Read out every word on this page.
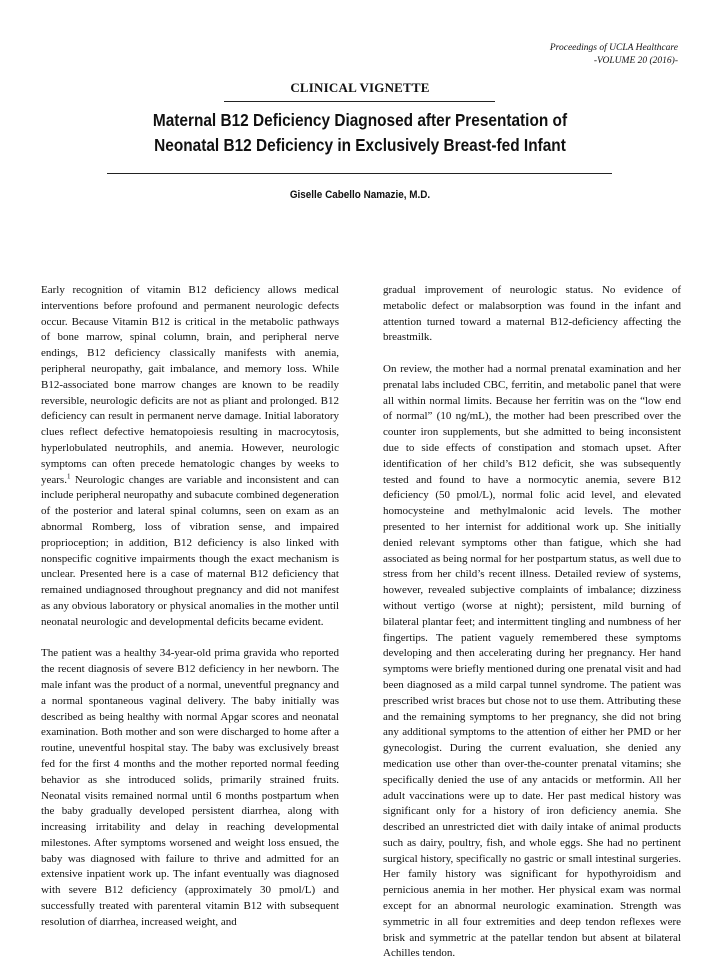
Proceedings of UCLA Healthcare
-VOLUME 20 (2016)-
CLINICAL VIGNETTE
Maternal B12 Deficiency Diagnosed after Presentation of
Neonatal B12 Deficiency in Exclusively Breast-fed Infant
Giselle Cabello Namazie, M.D.

Early recognition of vitamin B12 deficiency allows medical interventions before profound and permanent neurologic defects occur. Because Vitamin B12 is critical in the metabolic pathways of bone marrow, spinal column, brain, and peripheral nerve endings, B12 deficiency classically manifests with anemia, peripheral neuropathy, gait imbalance, and memory loss. While B12-associated bone marrow changes are known to be readily reversible, neurologic deficits are not as pliant and prolonged. B12 deficiency can result in permanent nerve damage. Initial laboratory clues reflect defective hematopoiesis resulting in macrocytosis, hyperlobulated neutrophils, and anemia. However, neurologic symptoms can often precede hematologic changes by weeks to years.$^1$ Neurologic changes are variable and inconsistent and can include peripheral neuropathy and subacute combined degeneration of the posterior and lateral spinal columns, seen on exam as an abnormal Romberg, loss of vibration sense, and impaired proprioception; in addition, B12 deficiency is also linked with nonspecific cognitive impairments though the exact mechanism is unclear. Presented here is a case of maternal B12 deficiency that remained undiagnosed throughout pregnancy and did not manifest as any obvious laboratory or physical anomalies in the mother until neonatal neurologic and developmental deficits became evident.

The patient was a healthy 34-year-old prima gravida who reported the recent diagnosis of severe B12 deficiency in her newborn. The male infant was the product of a normal, uneventful pregnancy and a normal spontaneous vaginal delivery. The baby initially was described as being healthy with normal Apgar scores and neonatal examination. Both mother and son were discharged to home after a routine, uneventful hospital stay. The baby was exclusively breast fed for the first 4 months and the mother reported normal feeding behavior as she introduced solids, primarily strained fruits. Neonatal visits remained normal until 6 months postpartum when the baby gradually developed persistent diarrhea, along with increasing irritability and delay in reaching developmental milestones. After symptoms worsened and weight loss ensued, the baby was diagnosed with failure to thrive and admitted for an extensive inpatient work up. The infant eventually was diagnosed with severe B12 deficiency (approximately 30 pmol/L) and successfully treated with parenteral vitamin B12 with subsequent resolution of diarrhea, increased weight, and

gradual improvement of neurologic status. No evidence of metabolic defect or malabsorption was found in the infant and attention turned toward a maternal B12-deficiency affecting the breastmilk.

On review, the mother had a normal prenatal examination and her prenatal labs included CBC, ferritin, and metabolic panel that were all within normal limits. Because her ferritin was on the “low end of normal” (10 ng/mL), the mother had been prescribed over the counter iron supplements, but she admitted to being inconsistent due to side effects of constipation and stomach upset. After identification of her child’s B12 deficit, she was subsequently tested and found to have a normocytic anemia, severe B12 deficiency (50 pmol/L), normal folic acid level, and elevated homocysteine and methylmalonic acid levels. The mother presented to her internist for additional work up. She initially denied relevant symptoms other than fatigue, which she had associated as being normal for her postpartum status, as well due to stress from her child’s recent illness. Detailed review of systems, however, revealed subjective complaints of imbalance; dizziness without vertigo (worse at night); persistent, mild burning of bilateral plantar feet; and intermittent tingling and numbness of her fingertips. The patient vaguely remembered these symptoms developing and then accelerating during her pregnancy. Her hand symptoms were briefly mentioned during one prenatal visit and had been diagnosed as a mild carpal tunnel syndrome. The patient was prescribed wrist braces but chose not to use them. Attributing these and the remaining symptoms to her pregnancy, she did not bring any additional symptoms to the attention of either her PMD or her gynecologist. During the current evaluation, she denied any medication use other than over-the-counter prenatal vitamins; she specifically denied the use of any antacids or metformin. All her adult vaccinations were up to date. Her past medical history was significant only for a history of iron deficiency anemia. She described an unrestricted diet with daily intake of animal products such as dairy, poultry, fish, and whole eggs. She had no pertinent surgical history, specifically no gastric or small intestinal surgeries. Her family history was significant for hypothyroidism and pernicious anemia in her mother. Her physical exam was normal except for an abnormal neurologic examination. Strength was symmetric in all four extremities and deep tendon reflexes were brisk and symmetric at the patellar tendon but absent at bilateral Achilles tendon.
